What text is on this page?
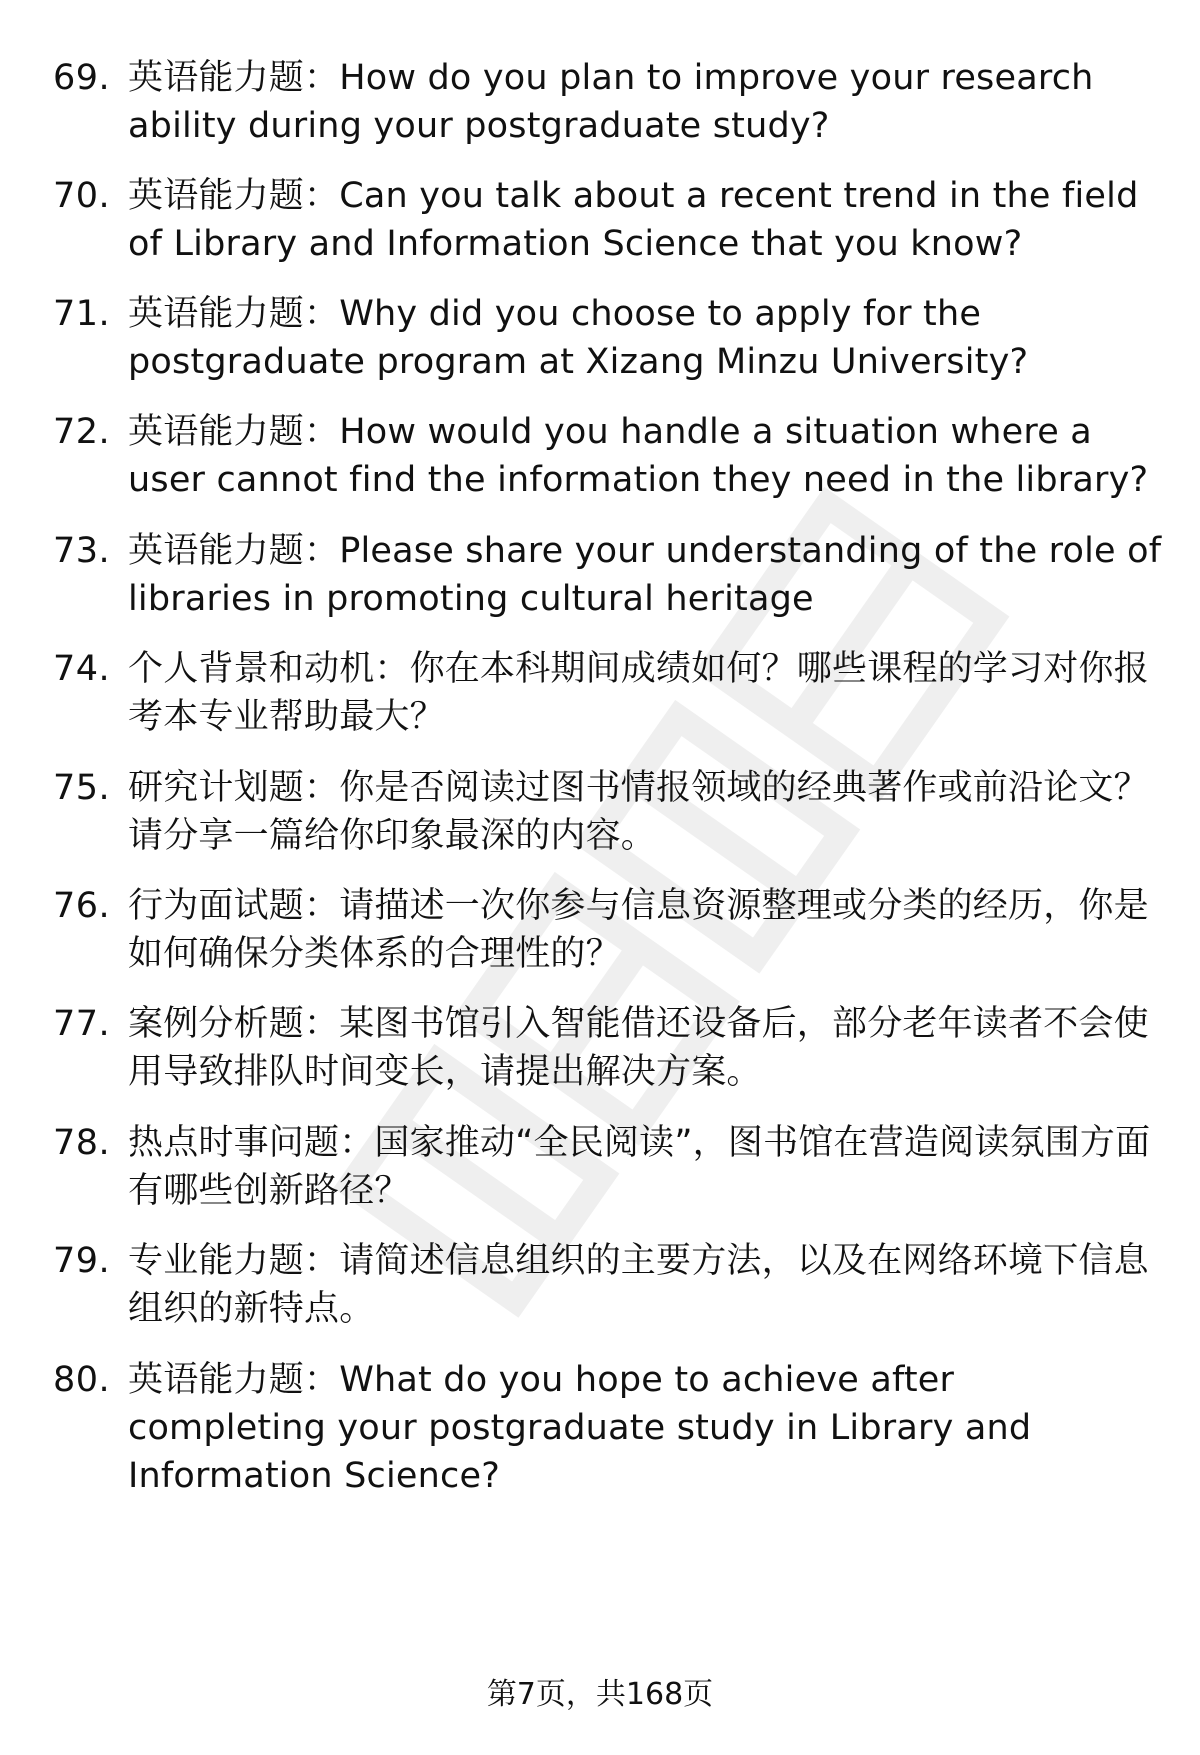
69. 英语能力题：How do you plan to improve your research ability during your postgraduate study?
70. 英语能力题：Can you talk about a recent trend in the field of Library and Information Science that you know?
71. 英语能力题：Why did you choose to apply for the postgraduate program at Xizang Minzu University?
72. 英语能力题：How would you handle a situation where a user cannot find the information they need in the library?
73. 英语能力题：Please share your understanding of the role of libraries in promoting cultural heritage
74. 个人背景和动机：你在本科期间成绩如何？哪些课程的学习对你报考本专业帮助最大？
75. 研究计划题：你是否阅读过图书情报领域的经典著作或前沿论文？请分享一篇给你印象最深的内容。
76. 行为面试题：请描述一次你参与信息资源整理或分类的经历，你是如何确保分类体系的合理性的？
77. 案例分析题：某图书馆引入智能借还设备后，部分老年读者不会使用导致排队时间变长，请提出解决方案。
78. 热点时事问题：国家推动“全民阅读”，图书馆在营造阅读氛围方面有哪些创新路径？
79. 专业能力题：请简述信息组织的主要方法，以及在网络环境下信息组织的新特点。
80. 英语能力题：What do you hope to achieve after completing your postgraduate study in Library and Information Science?
第7页，共168页
